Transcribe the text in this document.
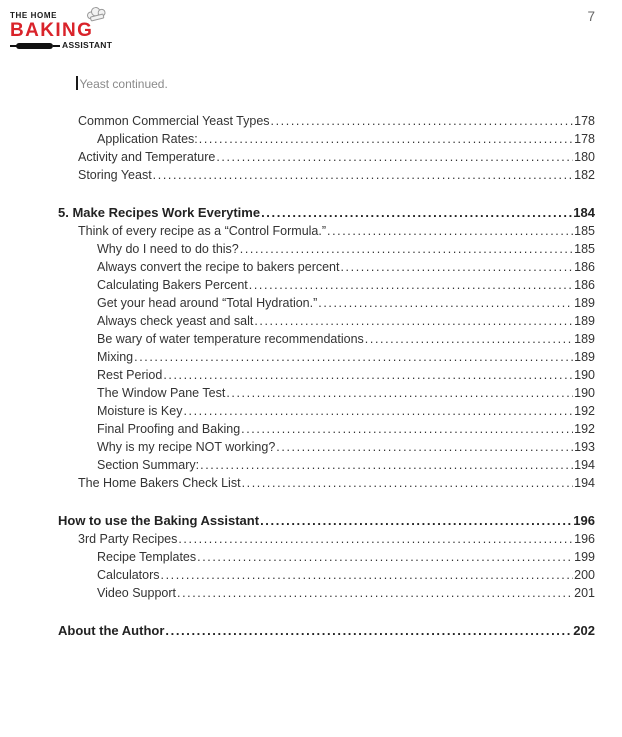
THE HOME
BAKING
ASSISTANT
7
Yeast continued.
Common Commercial Yeast Types .....	178
Application Rates: .....	178
Activity and Temperature .....	180
Storing Yeast .....	182
5. Make Recipes Work Everytime .....	184
Think of every recipe as a “Control Formula.” .....	185
Why do I need to do this? .....	185
Always convert the recipe to bakers percent .....	186
Calculating Bakers Percent .....	186
Get your head around “Total Hydration.” .....	189
Always check yeast and salt .....	189
Be wary of water temperature recommendations .....	189
Mixing .....	189
Rest Period .....	190
The Window Pane Test .....	190
Moisture is Key .....	192
Final Proofing and Baking .....	192
Why is my recipe NOT working? .....	193
Section Summary: .....	194
The Home Bakers Check List .....	194
How to use the Baking Assistant .....	196
3rd Party Recipes .....	196
Recipe Templates .....	199
Calculators .....	200
Video Support .....	201
About the Author .....	202
